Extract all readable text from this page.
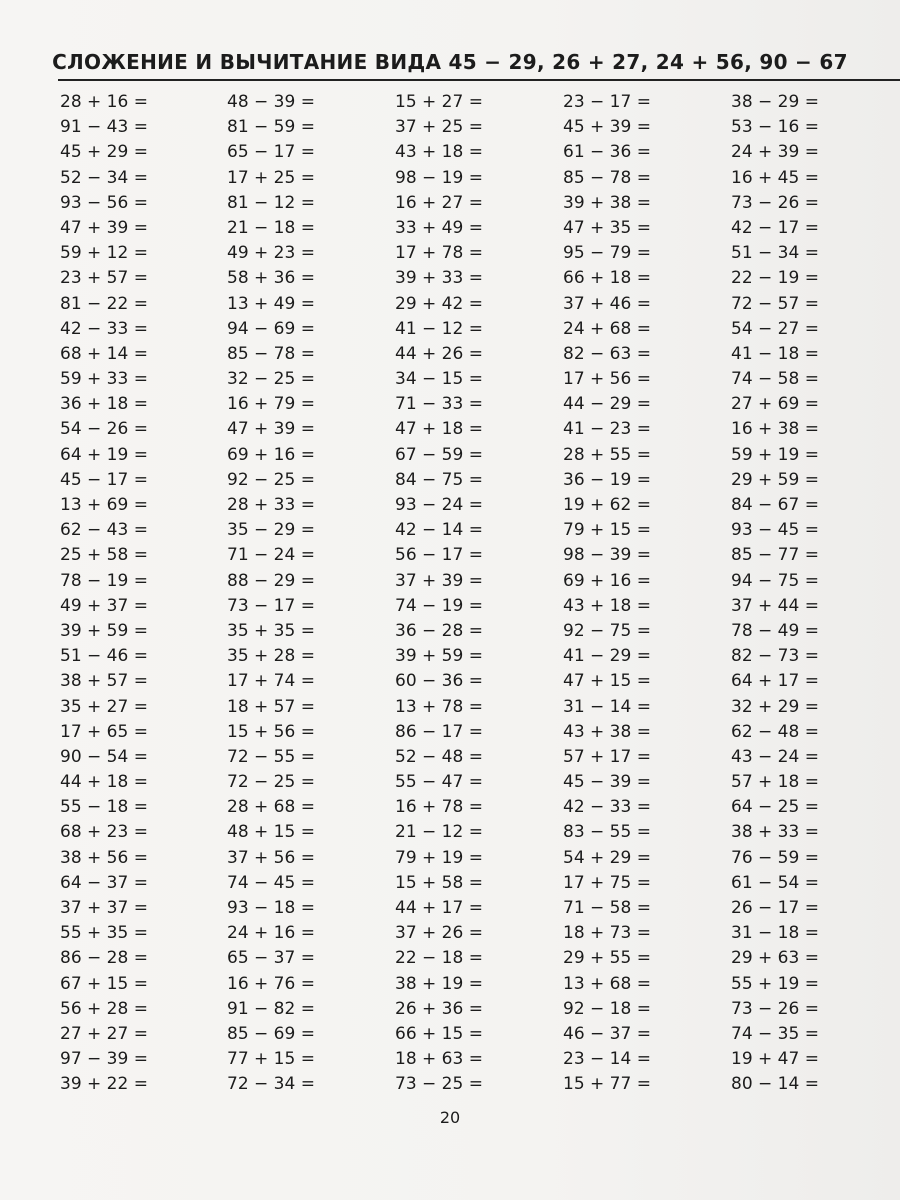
СЛОЖЕНИЕ И ВЫЧИТАНИЕ ВИДА 45 − 29, 26 + 27, 24 + 56, 90 − 67
28 + 16 =
91 − 43 =
45 + 29 =
52 − 34 =
93 − 56 =
47 + 39 =
59 + 12 =
23 + 57 =
81 − 22 =
42 − 33 =
68 + 14 =
59 + 33 =
36 + 18 =
54 − 26 =
64 + 19 =
45 − 17 =
13 + 69 =
62 − 43 =
25 + 58 =
78 − 19 =
49 + 37 =
39 + 59 =
51 − 46 =
38 + 57 =
35 + 27 =
17 + 65 =
90 − 54 =
44 + 18 =
55 − 18 =
68 + 23 =
38 + 56 =
64 − 37 =
37 + 37 =
55 + 35 =
86 − 28 =
67 + 15 =
56 + 28 =
27 + 27 =
97 − 39 =
39 + 22 =
48 − 39 =
81 − 59 =
65 − 17 =
17 + 25 =
81 − 12 =
21 − 18 =
49 + 23 =
58 + 36 =
13 + 49 =
94 − 69 =
85 − 78 =
32 − 25 =
16 + 79 =
47 + 39 =
69 + 16 =
92 − 25 =
28 + 33 =
35 − 29 =
71 − 24 =
88 − 29 =
73 − 17 =
35 + 35 =
35 + 28 =
17 + 74 =
18 + 57 =
15 + 56 =
72 − 55 =
72 − 25 =
28 + 68 =
48 + 15 =
37 + 56 =
74 − 45 =
93 − 18 =
24 + 16 =
65 − 37 =
16 + 76 =
91 − 82 =
85 − 69 =
77 + 15 =
72 − 34 =
15 + 27 =
37 + 25 =
43 + 18 =
98 − 19 =
16 + 27 =
33 + 49 =
17 + 78 =
39 + 33 =
29 + 42 =
41 − 12 =
44 + 26 =
34 − 15 =
71 − 33 =
47 + 18 =
67 − 59 =
84 − 75 =
93 − 24 =
42 − 14 =
56 − 17 =
37 + 39 =
74 − 19 =
36 − 28 =
39 + 59 =
60 − 36 =
13 + 78 =
86 − 17 =
52 − 48 =
55 − 47 =
16 + 78 =
21 − 12 =
79 + 19 =
15 + 58 =
44 + 17 =
37 + 26 =
22 − 18 =
38 + 19 =
26 + 36 =
66 + 15 =
18 + 63 =
73 − 25 =
23 − 17 =
45 + 39 =
61 − 36 =
85 − 78 =
39 + 38 =
47 + 35 =
95 − 79 =
66 + 18 =
37 + 46 =
24 + 68 =
82 − 63 =
17 + 56 =
44 − 29 =
41 − 23 =
28 + 55 =
36 − 19 =
19 + 62 =
79 + 15 =
98 − 39 =
69 + 16 =
43 + 18 =
92 − 75 =
41 − 29 =
47 + 15 =
31 − 14 =
43 + 38 =
57 + 17 =
45 − 39 =
42 − 33 =
83 − 55 =
54 + 29 =
17 + 75 =
71 − 58 =
18 + 73 =
29 + 55 =
13 + 68 =
92 − 18 =
46 − 37 =
23 − 14 =
15 + 77 =
38 − 29 =
53 − 16 =
24 + 39 =
16 + 45 =
73 − 26 =
42 − 17 =
51 − 34 =
22 − 19 =
72 − 57 =
54 − 27 =
41 − 18 =
74 − 58 =
27 + 69 =
16 + 38 =
59 + 19 =
29 + 59 =
84 − 67 =
93 − 45 =
85 − 77 =
94 − 75 =
37 + 44 =
78 − 49 =
82 − 73 =
64 + 17 =
32 + 29 =
62 − 48 =
43 − 24 =
57 + 18 =
64 − 25 =
38 + 33 =
76 − 59 =
61 − 54 =
26 − 17 =
31 − 18 =
29 + 63 =
55 + 19 =
73 − 26 =
74 − 35 =
19 + 47 =
80 − 14 =
20
